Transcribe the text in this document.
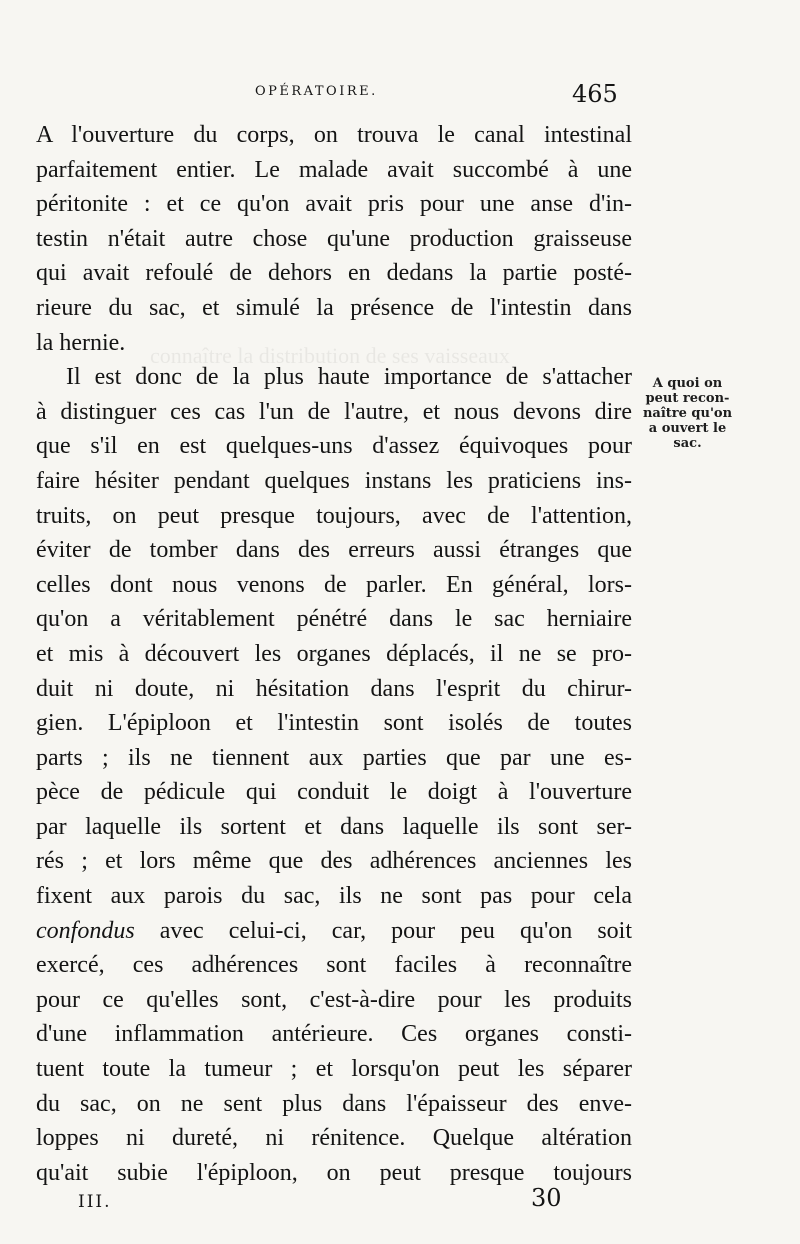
connaître la distribution de ses vaisseaux
OPÉRATOIRE.	465
A l'ouverture du corps, on trouva le canal intestinal
parfaitement entier. Le malade avait succombé à une
péritonite : et ce qu'on avait pris pour une anse d'in-
testin n'était autre chose qu'une production graisseuse
qui avait refoulé de dehors en dedans la partie posté-
rieure du sac, et simulé la présence de l'intestin dans
la hernie.
Il est donc de la plus haute importance de s'attacher
à distinguer ces cas l'un de l'autre, et nous devons dire
que s'il en est quelques-uns d'assez équivoques pour
faire hésiter pendant quelques instans les praticiens ins-
truits, on peut presque toujours, avec de l'attention,
éviter de tomber dans des erreurs aussi étranges que
celles dont nous venons de parler. En général, lors-
qu'on a véritablement pénétré dans le sac herniaire
et mis à découvert les organes déplacés, il ne se pro-
duit ni doute, ni hésitation dans l'esprit du chirur-
gien. L'épiploon et l'intestin sont isolés de toutes
parts ; ils ne tiennent aux parties que par une es-
pèce de pédicule qui conduit le doigt à l'ouverture
par laquelle ils sortent et dans laquelle ils sont ser-
rés ; et lors même que des adhérences anciennes les
fixent aux parois du sac, ils ne sont pas pour cela
confondus avec celui-ci, car, pour peu qu'on soit
exercé, ces adhérences sont faciles à reconnaître
pour ce qu'elles sont, c'est-à-dire pour les produits
d'une inflammation antérieure. Ces organes consti-
tuent toute la tumeur ; et lorsqu'on peut les séparer
du sac, on ne sent plus dans l'épaisseur des enve-
loppes ni dureté, ni rénitence. Quelque altération
qu'ait subie l'épiploon, on peut presque toujours
A quoi on
peut recon-
naître qu'on
a ouvert le
sac.
III.	30
